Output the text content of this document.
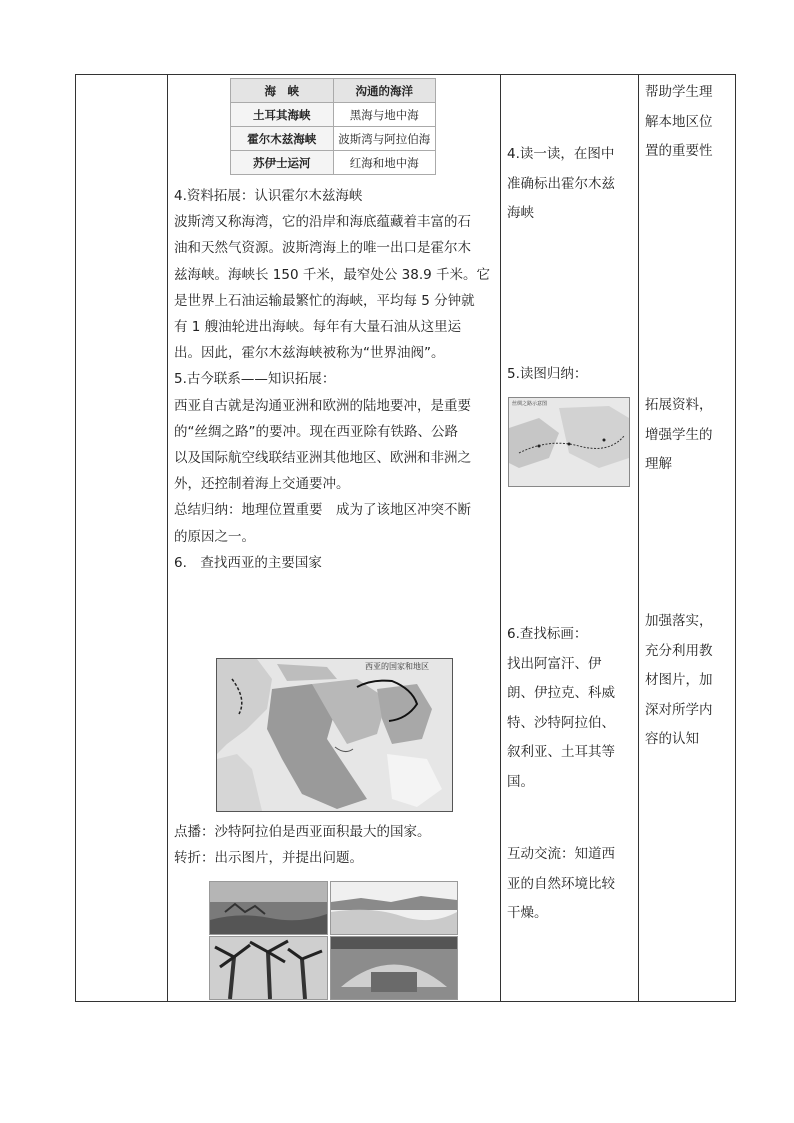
海　峡	沟通的海洋
土耳其海峡	黑海与地中海
霍尔木兹海峡	波斯湾与阿拉伯海
苏伊士运河	红海和地中海

4.资料拓展：认识霍尔木兹海峡

波斯湾又称海湾，它的沿岸和海底蕴藏着丰富的石

油和天然气资源。波斯湾海上的唯一出口是霍尔木

兹海峡。海峡长 150 千米，最窄处公 38.9 千米。它

是世界上石油运输最繁忙的海峡，平均每 5 分钟就

有 1 艘油轮进出海峡。每年有大量石油从这里运

出。因此，霍尔木兹海峡被称为“世界油阀”。

5.古今联系——知识拓展：

西亚自古就是沟通亚洲和欧洲的陆地要冲，是重要

的“丝绸之路”的要冲。现在西亚除有铁路、公路

以及国际航空线联结亚洲其他地区、欧洲和非洲之

外，还控制着海上交通要冲。

总结归纳：地理位置重要　成为了该地区冲突不断

的原因之一。

6.　查找西亚的主要国家

西亚的国家和地区

点播：沙特阿拉伯是西亚面积最大的国家。

转折：出示图片，并提出问题。

4.读一读，在图中

准确标出霍尔木兹

海峡

5.读图归纳：

丝绸之路示意图

6.查找标画：

找出阿富汗、伊

朗、伊拉克、科威

特、沙特阿拉伯、

叙利亚、土耳其等

国。

互动交流：知道西

亚的自然环境比较

干燥。

帮助学生理

解本地区位

置的重要性

拓展资料，

增强学生的

理解

加强落实，

充分利用教

材图片，加

深对所学内

容的认知
